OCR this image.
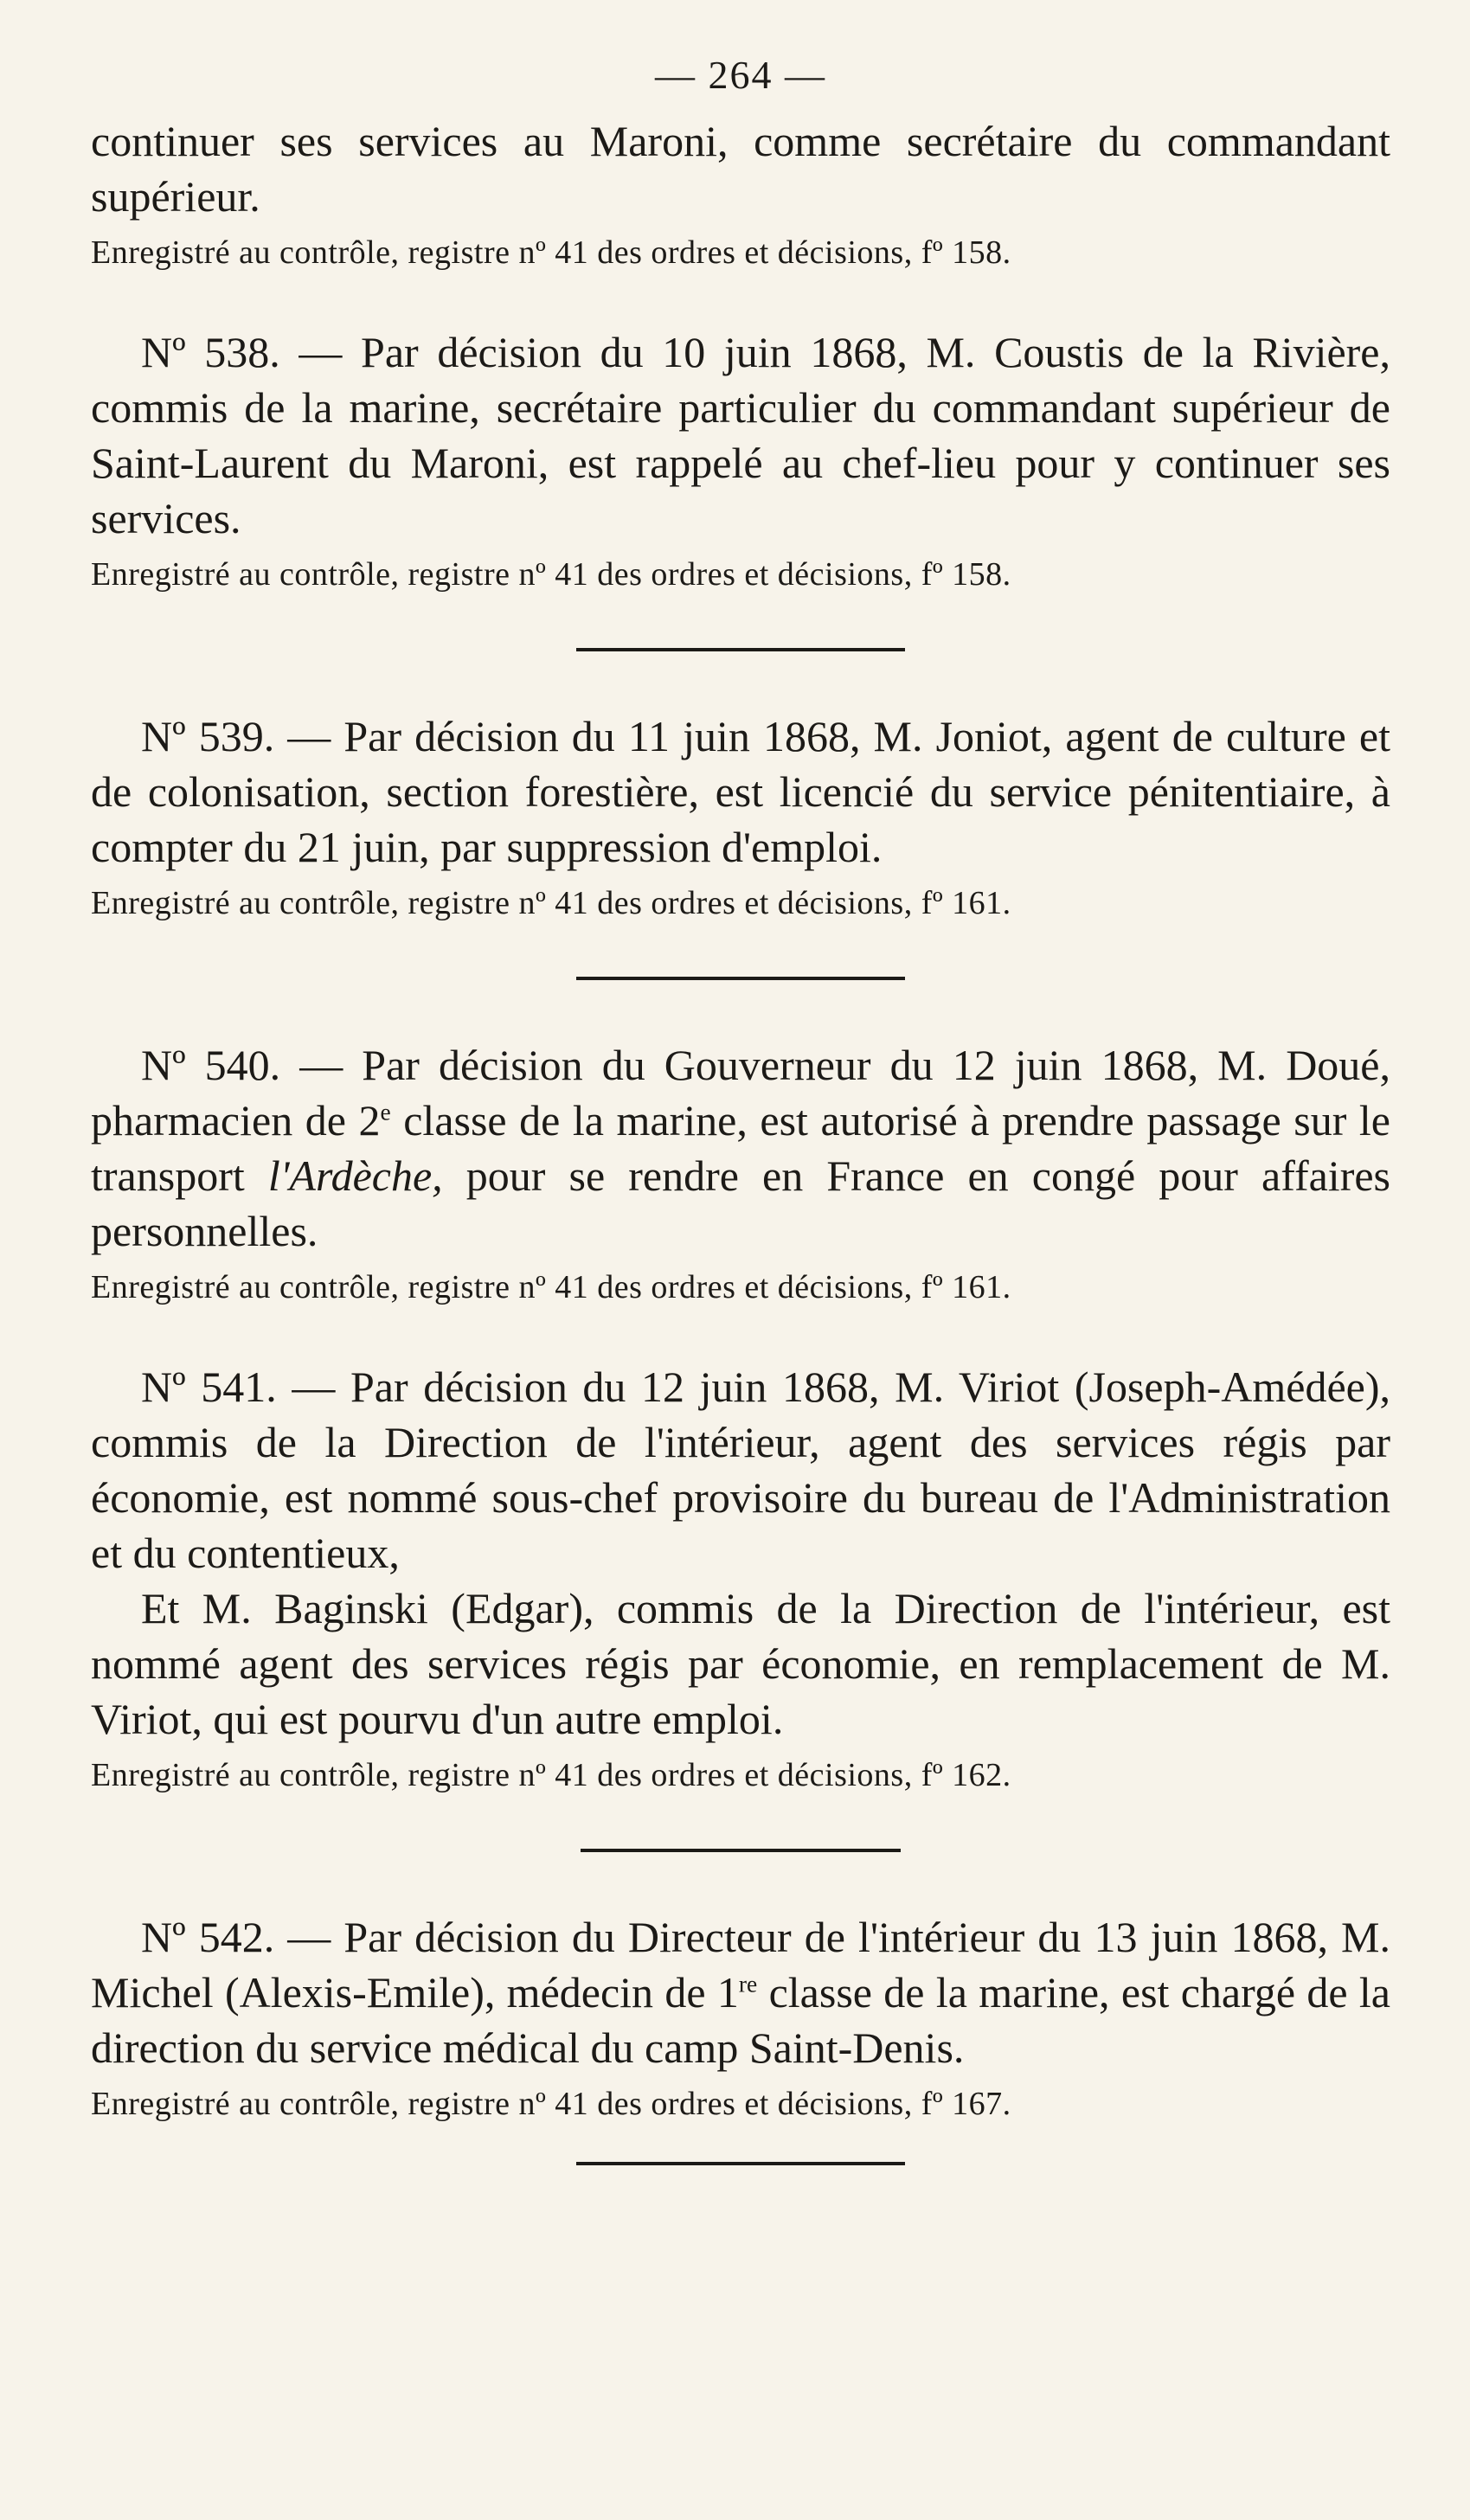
— 264 —

continuer ses services au Maroni, comme secrétaire du commandant supérieur.

Enregistré au contrôle, registre nº 41 des ordres et décisions, fº 158.

Nº 538. — Par décision du 10 juin 1868, M. Coustis de la Rivière, commis de la marine, secrétaire particulier du commandant supérieur de Saint-Laurent du Maroni, est rappelé au chef-lieu pour y continuer ses services.

Enregistré au contrôle, registre nº 41 des ordres et décisions, fº 158.

Nº 539. — Par décision du 11 juin 1868, M. Joniot, agent de culture et de colonisation, section forestière, est licencié du service pénitentiaire, à compter du 21 juin, par suppression d'emploi.

Enregistré au contrôle, registre nº 41 des ordres et décisions, fº 161.

Nº 540. — Par décision du Gouverneur du 12 juin 1868, M. Doué, pharmacien de 2e classe de la marine, est autorisé à prendre passage sur le transport l'Ardèche, pour se rendre en France en congé pour affaires personnelles.

Enregistré au contrôle, registre nº 41 des ordres et décisions, fº 161.

Nº 541. — Par décision du 12 juin 1868, M. Viriot (Joseph-Amédée), commis de la Direction de l'intérieur, agent des services régis par économie, est nommé sous-chef provisoire du bureau de l'Administration et du contentieux,

Et M. Baginski (Edgar), commis de la Direction de l'intérieur, est nommé agent des services régis par économie, en remplacement de M. Viriot, qui est pourvu d'un autre emploi.

Enregistré au contrôle, registre nº 41 des ordres et décisions, fº 162.

Nº 542. — Par décision du Directeur de l'intérieur du 13 juin 1868, M. Michel (Alexis-Emile), médecin de 1re classe de la marine, est chargé de la direction du service médical du camp Saint-Denis.

Enregistré au contrôle, registre nº 41 des ordres et décisions, fº 167.
